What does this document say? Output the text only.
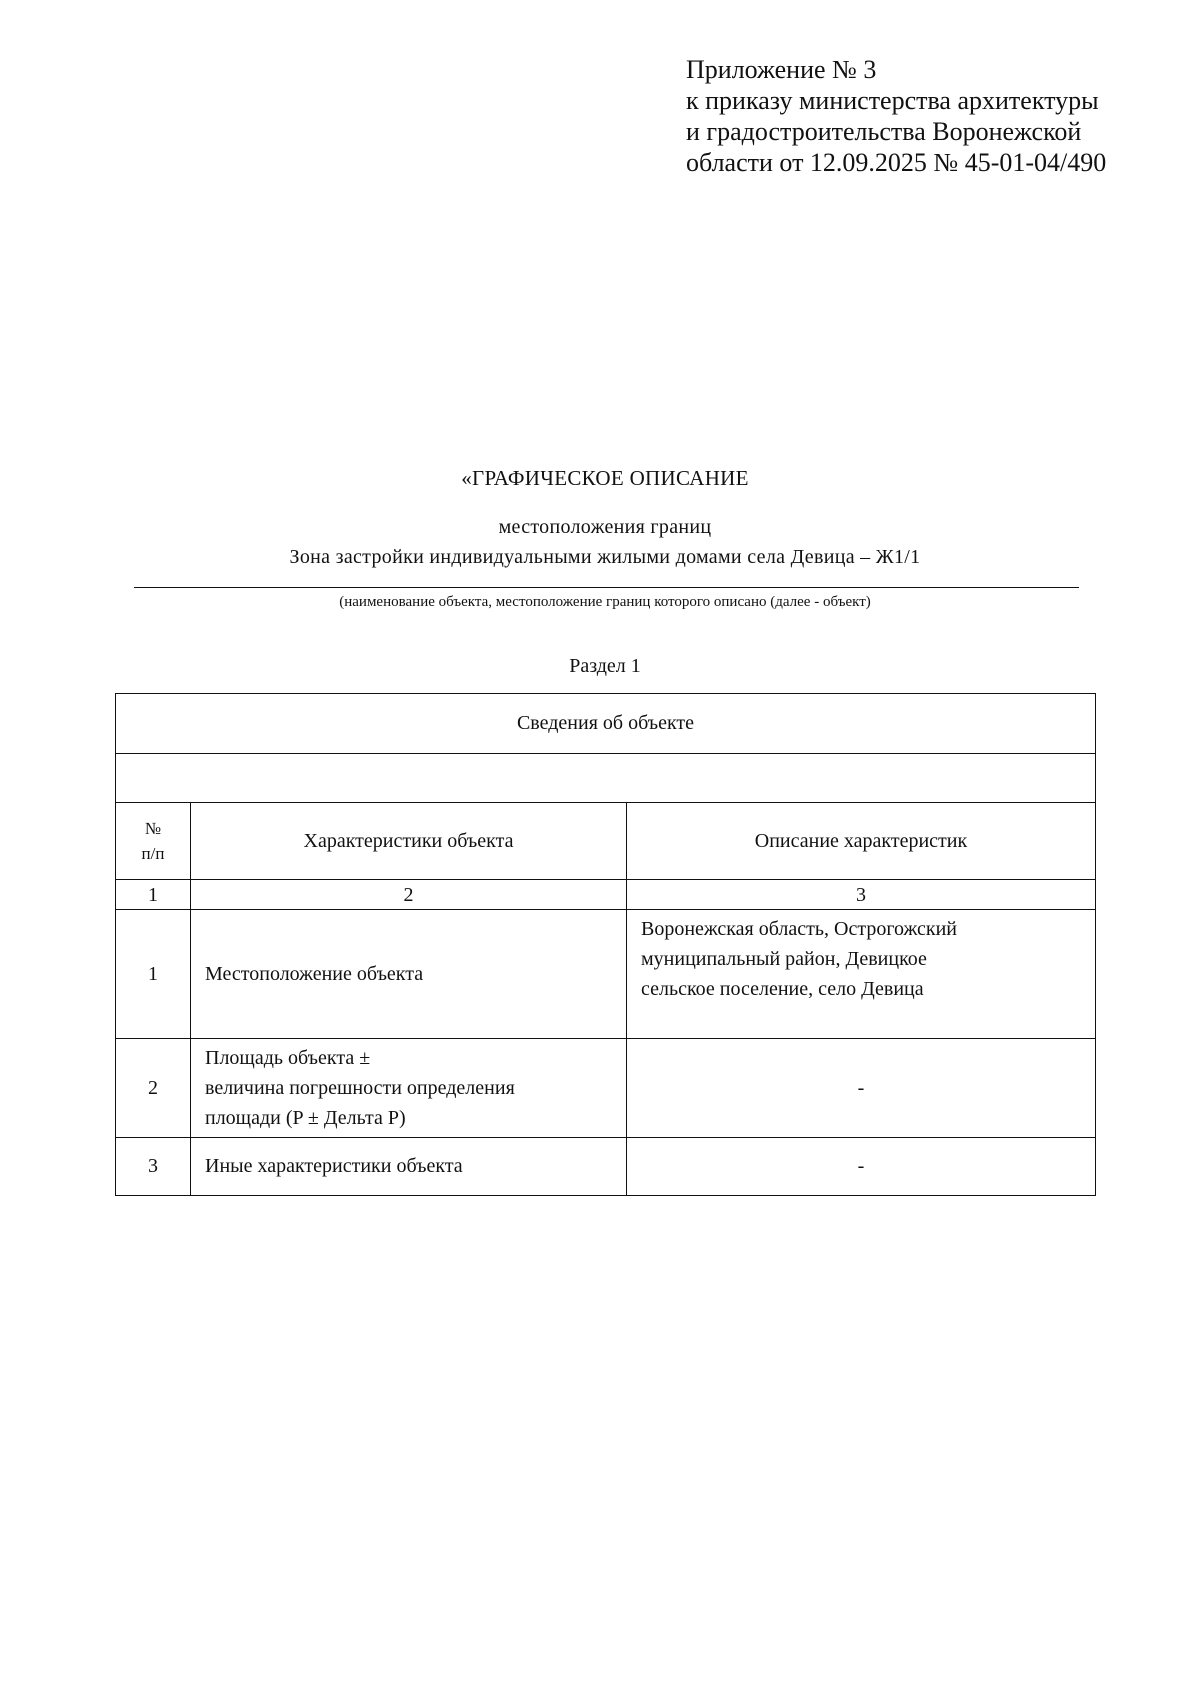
Приложение № 3
к приказу министерства архитектуры
и градостроительства Воронежской
области от 12.09.2025 № 45-01-04/490
«ГРАФИЧЕСКОЕ ОПИСАНИЕ
местоположения границ
Зона застройки индивидуальными жилыми домами села Девица – Ж1/1
(наименование объекта, местоположение границ которого описано (далее - объект)
Раздел 1
Сведения об объекте		

№
п/п	Характеристики объекта	Описание характеристик
1	2	3
1	Местоположение объекта	Воронежская область, Острогожский
муниципальный район, Девицкое
сельское поселение, село Девица

2	Площадь объекта ±
величина погрешности определения
площади (P ± Дельта P)	-
3	Иные характеристики объекта	-
